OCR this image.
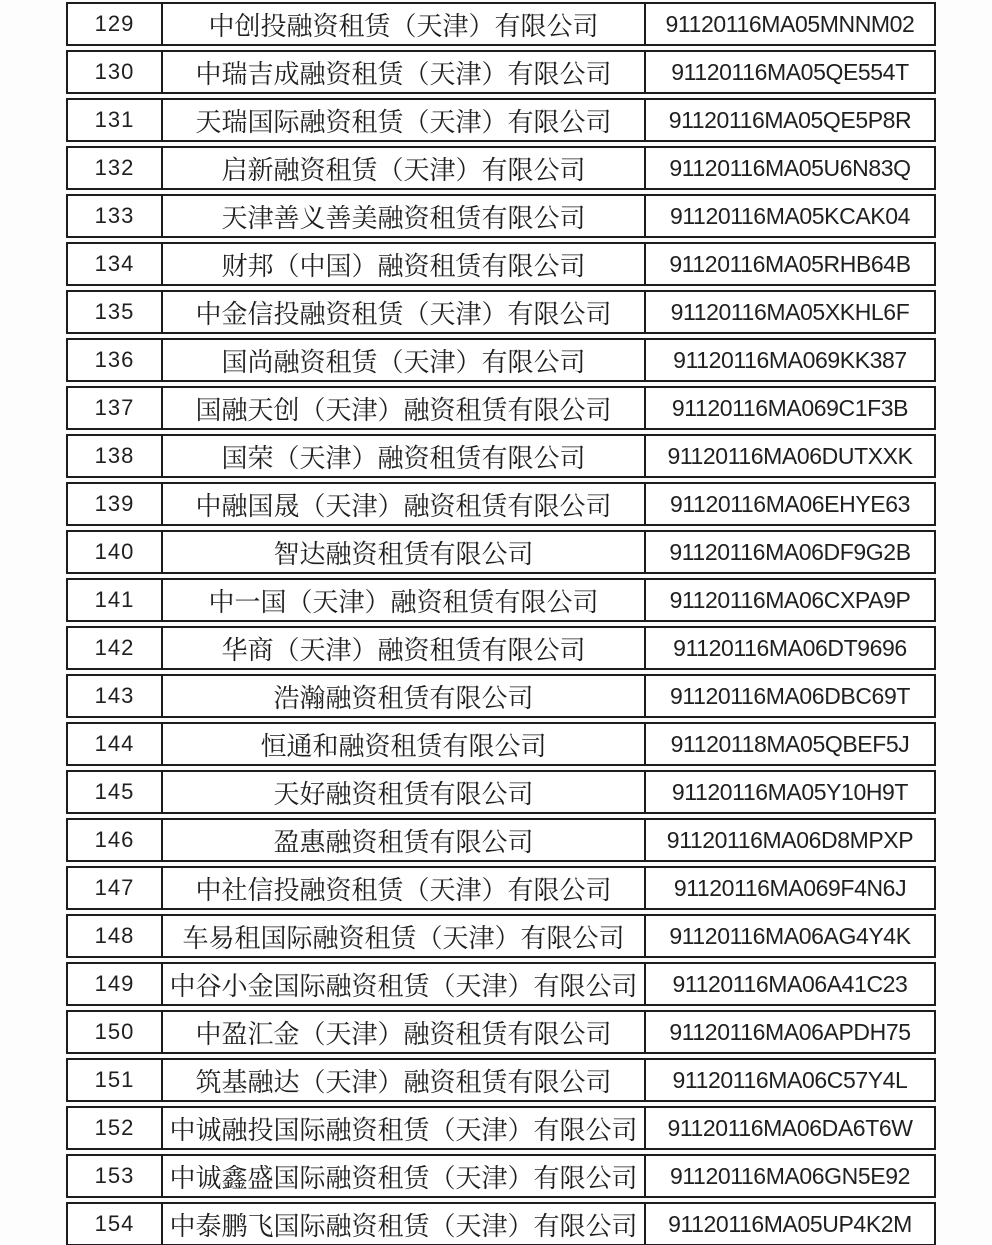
129	中创投融资租赁（天津）有限公司	91120116MA05MNNM02
130	中瑞吉成融资租赁（天津）有限公司	91120116MA05QE554T
131	天瑞国际融资租赁（天津）有限公司	91120116MA05QE5P8R
132	启新融资租赁（天津）有限公司	91120116MA05U6N83Q
133	天津善义善美融资租赁有限公司	91120116MA05KCAK04
134	财邦（中国）融资租赁有限公司	91120116MA05RHB64B
135	中金信投融资租赁（天津）有限公司	91120116MA05XKHL6F
136	国尚融资租赁（天津）有限公司	91120116MA069KK387
137	国融天创（天津）融资租赁有限公司	91120116MA069C1F3B
138	国荣（天津）融资租赁有限公司	91120116MA06DUTXXK
139	中融国晟（天津）融资租赁有限公司	91120116MA06EHYE63
140	智达融资租赁有限公司	91120116MA06DF9G2B
141	中一国（天津）融资租赁有限公司	91120116MA06CXPA9P
142	华商（天津）融资租赁有限公司	91120116MA06DT9696
143	浩瀚融资租赁有限公司	91120116MA06DBC69T
144	恒通和融资租赁有限公司	91120118MA05QBEF5J
145	天好融资租赁有限公司	91120116MA05Y10H9T
146	盈惠融资租赁有限公司	91120116MA06D8MPXP
147	中社信投融资租赁（天津）有限公司	91120116MA069F4N6J
148	车易租国际融资租赁（天津）有限公司	91120116MA06AG4Y4K
149	中谷小金国际融资租赁（天津）有限公司	91120116MA06A41C23
150	中盈汇金（天津）融资租赁有限公司	91120116MA06APDH75
151	筑基融达（天津）融资租赁有限公司	91120116MA06C57Y4L
152	中诚融投国际融资租赁（天津）有限公司	91120116MA06DA6T6W
153	中诚鑫盛国际融资租赁（天津）有限公司	91120116MA06GN5E92
154	中泰鹏飞国际融资租赁（天津）有限公司	91120116MA05UP4K2M
